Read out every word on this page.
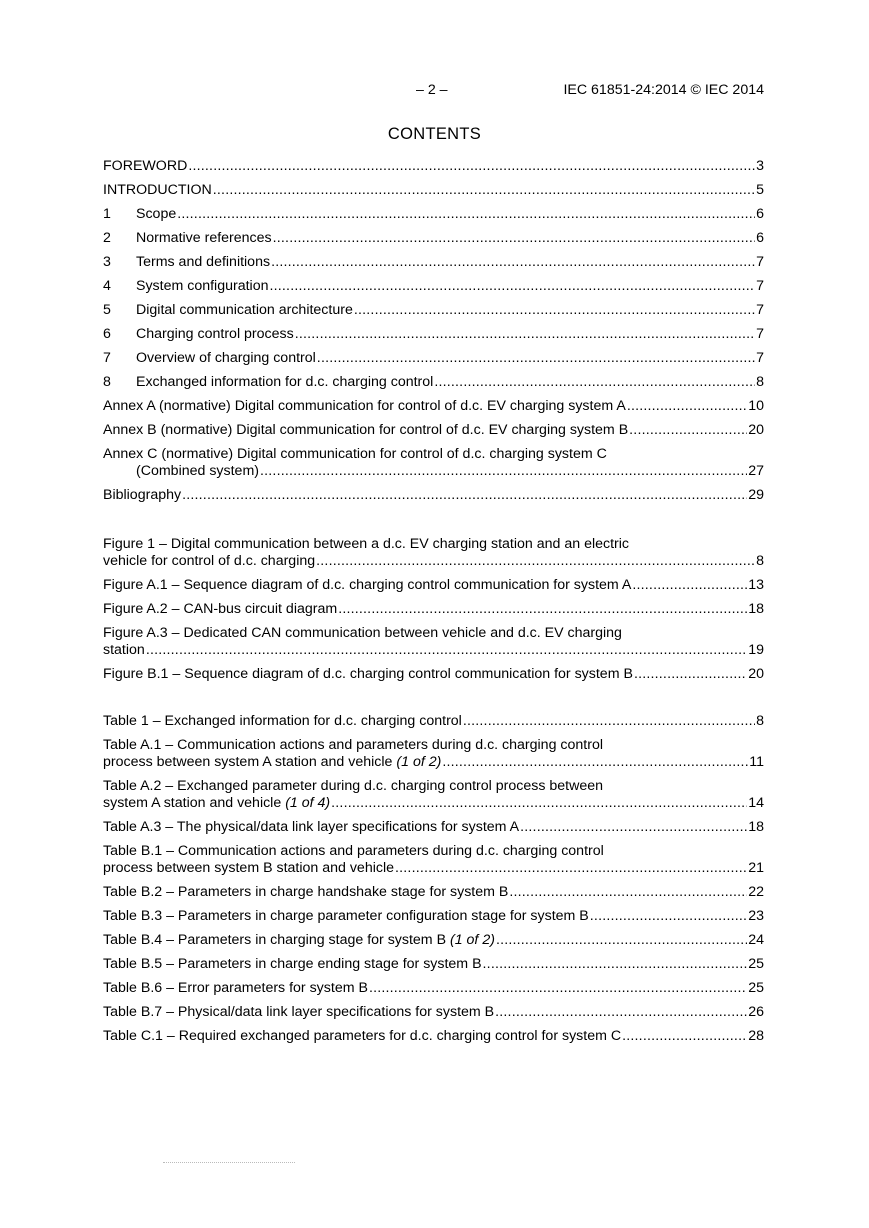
– 2 –	IEC 61851-24:2014 © IEC 2014
CONTENTS
FOREWORD .....	3
INTRODUCTION .....	5
1	Scope .....	6
2	Normative references .....	6
3	Terms and definitions .....	7
4	System configuration .....	7
5	Digital communication architecture .....	7
6	Charging control process .....	7
7	Overview of charging control .....	7
8	Exchanged information for d.c. charging control .....	8
Annex A (normative) Digital communication for control of d.c. EV charging system A .....	10
Annex B (normative) Digital communication for control of d.c. EV charging system B .....	20
Annex C (normative) Digital communication for control of d.c. charging system C
(Combined system) .....	27
Bibliography .....	29
Figure 1 – Digital communication between a d.c. EV charging station and an electric
vehicle for control of d.c. charging .....	8
Figure A.1 – Sequence diagram of d.c. charging control communication for system A .....	13
Figure A.2 – CAN-bus circuit diagram .....	18
Figure A.3 – Dedicated CAN communication between vehicle and d.c. EV charging
station .....	19
Figure B.1 – Sequence diagram of d.c. charging control communication for system B .....	20
Table 1 – Exchanged information for d.c. charging control .....	8
Table A.1 – Communication actions and parameters during d.c. charging control
process between system A station and vehicle
(1 of 2) .....	11
Table A.2 – Exchanged parameter during d.c. charging control process between
system A station and vehicle
(1 of 4) .....	14
Table A.3 – The physical/data link layer specifications for system A .....	18
Table B.1 – Communication actions and parameters during d.c. charging control
process between system B station and vehicle .....	21
Table B.2 – Parameters in charge handshake stage for system B .....	22
Table B.3 – Parameters in charge parameter configuration stage for system B .....	23
Table B.4 – Parameters in charging stage for system B
(1 of 2) .....	24
Table B.5 – Parameters in charge ending stage for system B .....	25
Table B.6 – Error parameters for system B .....	25
Table B.7 – Physical/data link layer specifications for system B .....	26
Table C.1 – Required exchanged parameters for d.c. charging control for system C .....	28
